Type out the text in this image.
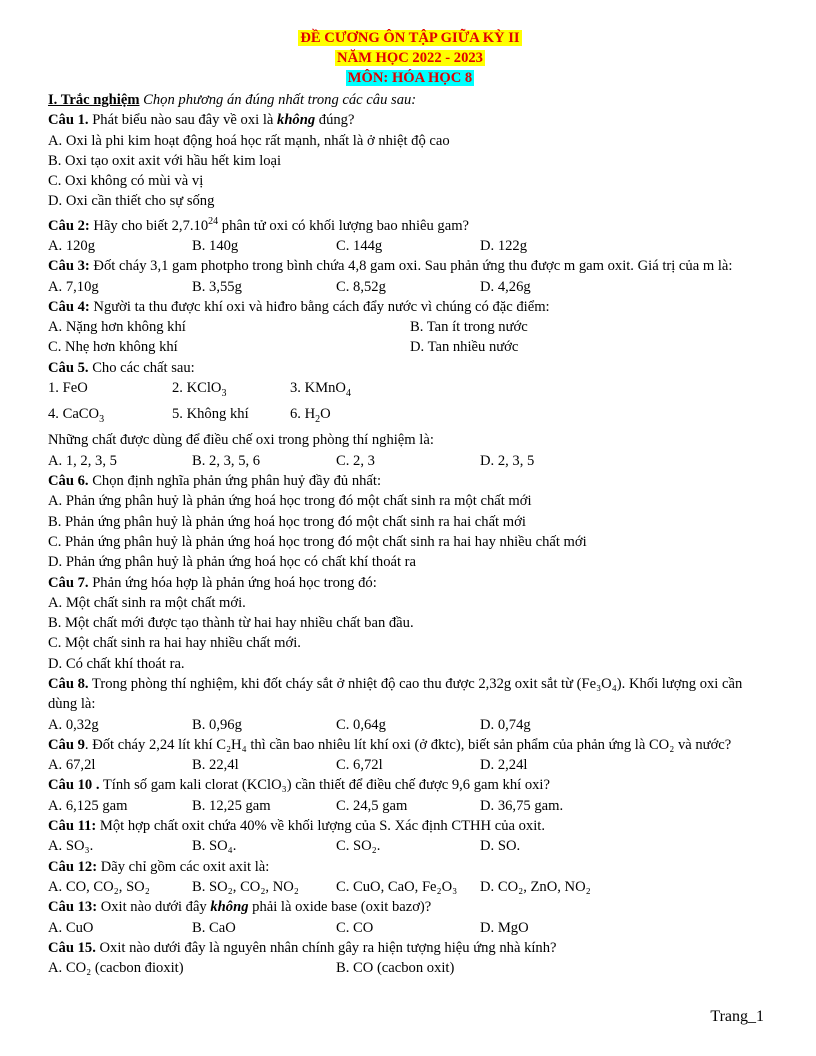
ĐỀ CƯƠNG ÔN TẬP GIỮA KỲ II
NĂM HỌC 2022 - 2023
MÔN: HÓA HỌC 8
I. Trắc nghiệm Chọn phương án đúng nhất trong các câu sau:
Câu 1. Phát biểu nào sau đây về oxi là không đúng?
A. Oxi là phi kim hoạt động hoá học rất mạnh, nhất là ở nhiệt độ cao
B. Oxi tạo oxit axit với hầu hết kim loại
C. Oxi không có mùi và vị
D. Oxi cần thiết cho sự sống
Câu 2: Hãy cho biết 2,7.10$^{24}$ phân tử oxi có khối lượng bao nhiêu gam?
A. 120g	B. 140g	C. 144g	D. 122g
Câu 3: Đốt cháy 3,1 gam photpho trong bình chứa 4,8 gam oxi. Sau phản ứng thu được m gam oxit. Giá trị của m là:
A. 7,10g	B. 3,55g	C. 8,52g	D. 4,26g
Câu 4: Người ta thu được khí oxi và hiđro bằng cách đẩy nước vì chúng có đặc điểm:
A. Nặng hơn không khí	B. Tan ít trong nước
C. Nhẹ hơn không khí	D. Tan nhiều nước
Câu 5. Cho các chất sau:
1. FeO	2. KClO$_3$	3. KMnO$_4$
4. CaCO$_3$	5. Không khí	6. $H_2O$
Những chất được dùng để điều chế oxi trong phòng thí nghiệm là:
A. 1, 2, 3, 5	B. 2, 3, 5, 6	C. 2, 3	D. 2, 3, 5
Câu 6. Chọn định nghĩa phản ứng phân huỷ đầy đủ nhất:
A. Phản ứng phân huỷ là phản ứng hoá học trong đó một chất sinh ra một chất mới
B. Phản ứng phân huỷ là phản ứng hoá học trong đó một chất sinh ra hai chất mới
C. Phản ứng phân huỷ là phản ứng hoá học trong đó một chất sinh ra hai hay nhiều chất mới
D. Phản ứng phân huỷ là phản ứng hoá học có chất khí thoát ra
Câu 7. Phản ứng hóa hợp là phản ứng hoá học trong đó:
A. Một chất sinh ra một chất mới.
B. Một chất mới được tạo thành từ hai hay nhiều chất ban đầu.
C. Một chất sinh ra hai hay nhiều chất mới.
D. Có chất khí thoát ra.
Câu 8. Trong phòng thí nghiệm, khi đốt cháy sắt ở nhiệt độ cao thu được 2,32g oxit sắt từ (Fe₃O₄). Khối lượng oxi cần dùng là:
A. 0,32g	B. 0,96g	C. 0,64g	D. 0,74g
Câu 9. Đốt cháy 2,24 lít khí C₂H₄ thì cần bao nhiêu lít khí oxi (ở đktc), biết sản phẩm của phản ứng là CO₂ và nước?
A. 67,2l	B. 22,4l	C. 6,72l	D. 2,24l
Câu 10 . Tính số gam kali clorat (KClO₃) cần thiết để điều chế được 9,6 gam khí oxi?
A. 6,125 gam	B. 12,25 gam	C. 24,5 gam	D. 36,75 gam.
Câu 11: Một hợp chất oxit chứa 40% về khối lượng của S. Xác định CTHH của oxit.
A. SO₃.	B. SO₄.	C. SO₂.	D. SO.
Câu 12: Dãy chỉ gồm các oxit axit là:
A. CO, CO₂, SO₂	B. SO₂, CO₂, NO₂	C. CuO, CaO, Fe₂O₃	D. CO₂, ZnO, NO₂
Câu 13: Oxit nào dưới đây không phải là oxide base (oxit bazơ)?
A. CuO	B. CaO	C. CO	D. MgO
Câu 15. Oxit nào dưới đây là nguyên nhân chính gây ra hiện tượng hiệu ứng nhà kính?
A. CO₂ (cacbon đioxit)	B. CO (cacbon oxit)
Trang_1
